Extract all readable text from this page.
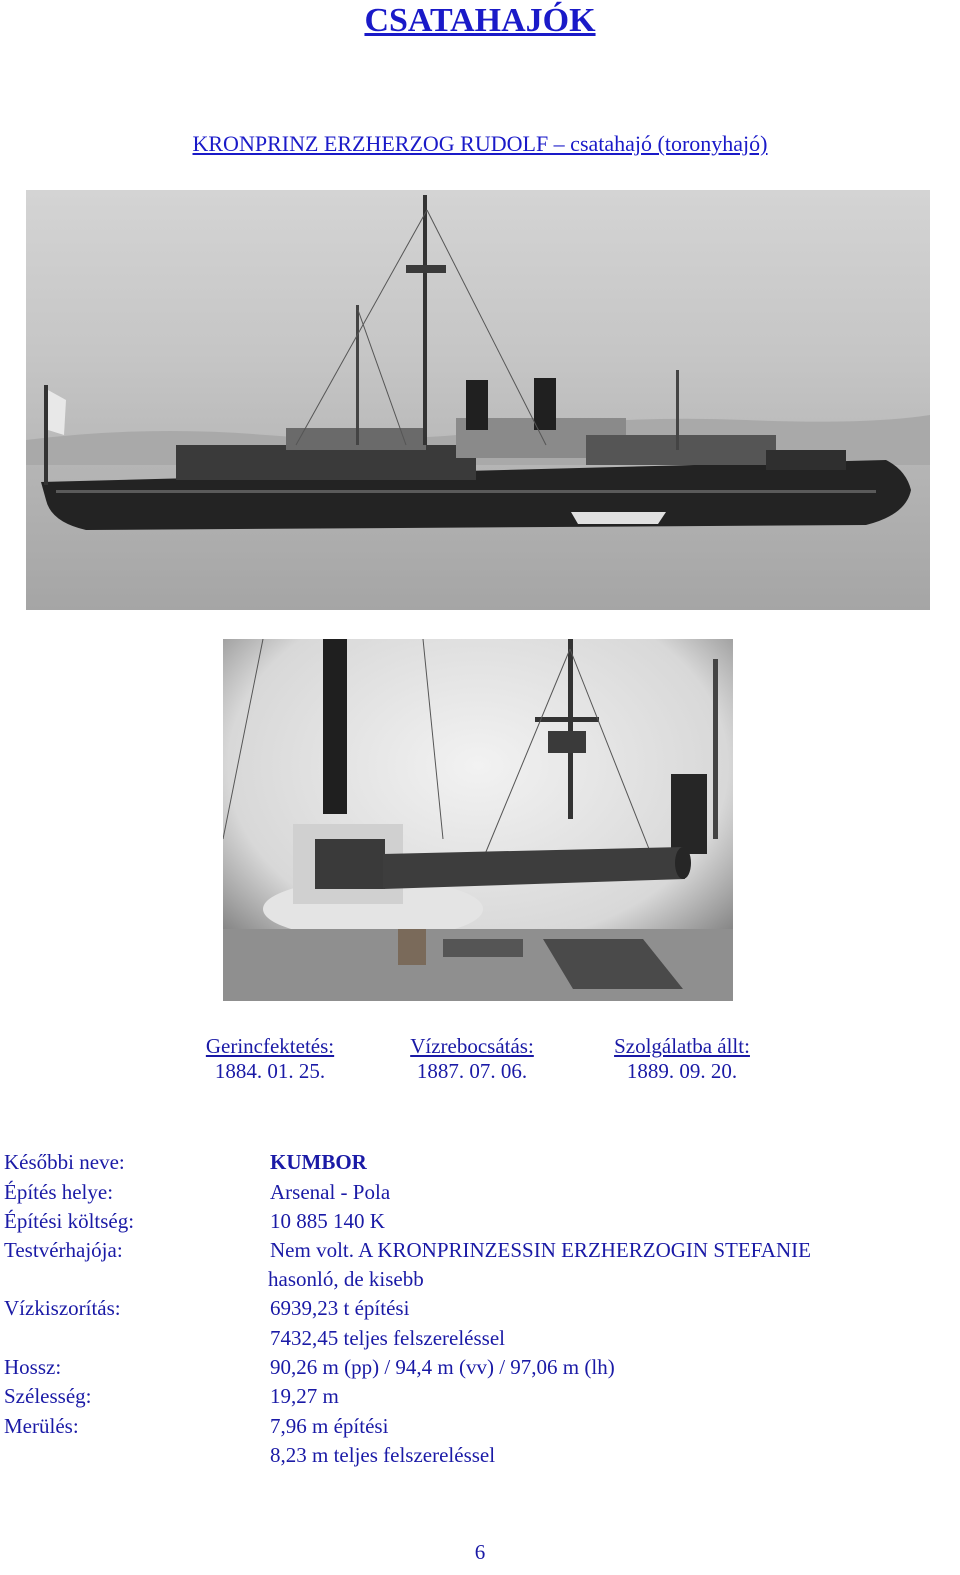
CSATAHAJÓK
KRONPRINZ ERZHERZOG RUDOLF – csatahajó (toronyhajó)
Gerincfektetés:
1884. 01. 25.
Vízrebocsátás:
1887. 07. 06.
Szolgálatba állt:
1889. 09. 20.
Későbbi neve:	KUMBOR
Építés helye:	Arsenal - Pola
Építési költség:	10 885 140 K
Testvérhajója:	Nem volt. A KRONPRINZESSIN ERZHERZOGIN STEFANIE
hasonló, de kisebb
Vízkiszorítás:	6939,23 t építési
7432,45 teljes felszereléssel
Hossz:	90,26 m (pp) / 94,4 m (vv) / 97,06 m (lh)
Szélesség:	19,27 m
Merülés:	7,96 m építési
8,23 m teljes felszereléssel
6
